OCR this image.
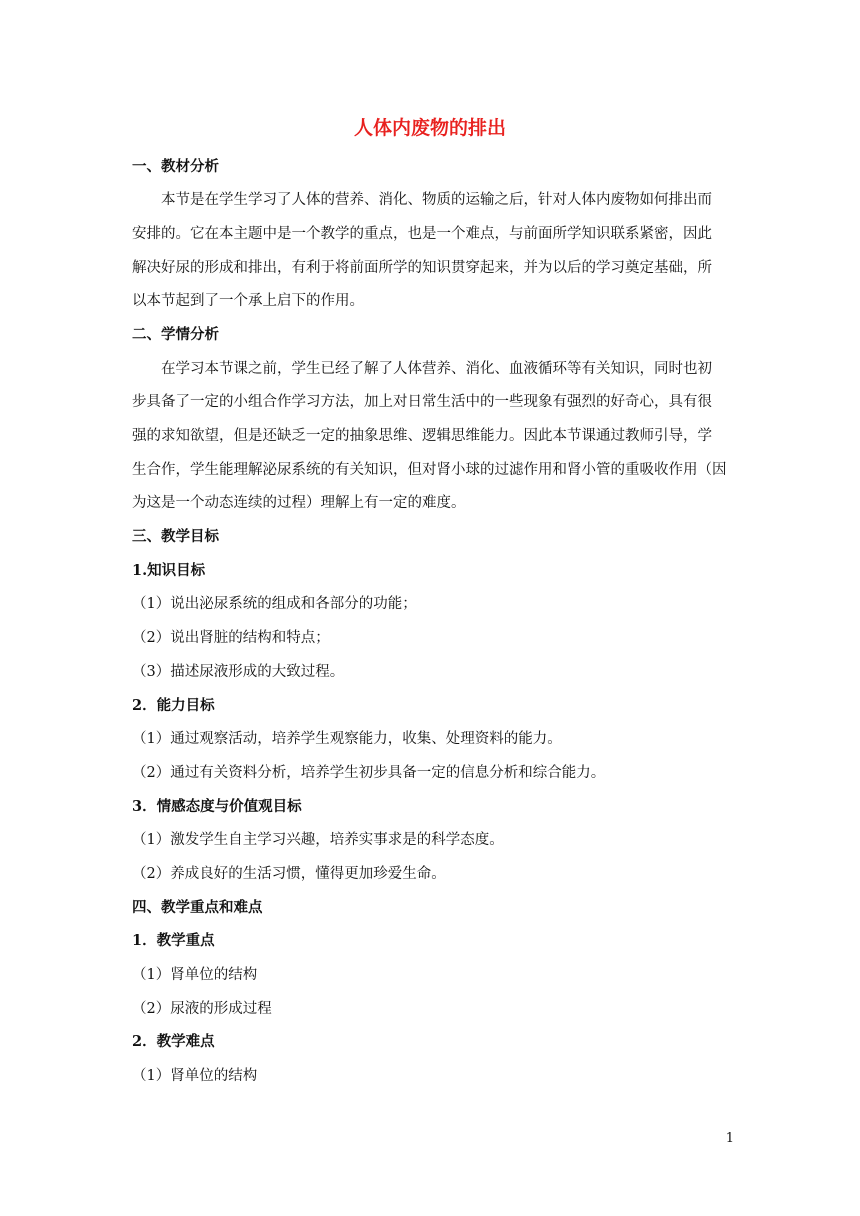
人体内废物的排出
一、教材分析
本节是在学生学习了人体的营养、消化、物质的运输之后，针对人体内废物如何排出而
安排的。它在本主题中是一个教学的重点，也是一个难点，与前面所学知识联系紧密，因此
解决好尿的形成和排出，有利于将前面所学的知识贯穿起来，并为以后的学习奠定基础，所
以本节起到了一个承上启下的作用。
二、学情分析
在学习本节课之前，学生已经了解了人体营养、消化、血液循环等有关知识，同时也初
步具备了一定的小组合作学习方法，加上对日常生活中的一些现象有强烈的好奇心，具有很
强的求知欲望，但是还缺乏一定的抽象思维、逻辑思维能力。因此本节课通过教师引导，学
生合作，学生能理解泌尿系统的有关知识，但对肾小球的过滤作用和肾小管的重吸收作用（因
为这是一个动态连续的过程）理解上有一定的难度。
三、教学目标
1.知识目标
（1）说出泌尿系统的组成和各部分的功能；
（2）说出肾脏的结构和特点；
（3）描述尿液形成的大致过程。
2．能力目标
（1）通过观察活动，培养学生观察能力，收集、处理资料的能力。
（2）通过有关资料分析，培养学生初步具备一定的信息分析和综合能力。
3．情感态度与价值观目标
（1）激发学生自主学习兴趣，培养实事求是的科学态度。
（2）养成良好的生活习惯，懂得更加珍爱生命。
四、教学重点和难点
1．教学重点
（1）肾单位的结构
（2）尿液的形成过程
2．教学难点
（1）肾单位的结构
1
